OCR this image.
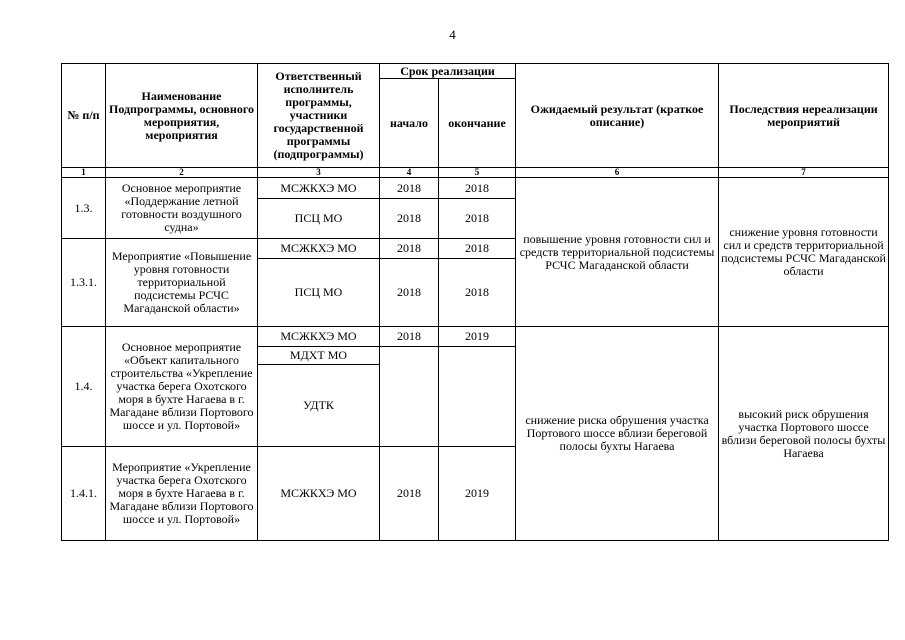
4
№ п/п	Наименование Подпрограммы, основного мероприятия, мероприятия	Ответственный исполнитель программы, участники государственной программы (подпрограммы)	Срок реализации		Ожидаемый результат (краткое описание)	Последствия нереализации мероприятий
			начало	окончание		
1	2	3	4	5	6	7
1.3.	Основное мероприятие «Поддержание летной готовности воздушного судна»	МСЖКХЭ МО	2018	2018	повышение уровня готовности сил и средств территориальной подсистемы РСЧС Магаданской области	снижение уровня готовности сил и средств территориальной подсистемы РСЧС Магаданской области
		ПСЦ МО	2018	2018		
1.3.1.	Мероприятие «Повышение уровня готовности территориальной подсистемы РСЧС Магаданской области»	МСЖКХЭ МО	2018	2018		
		ПСЦ МО	2018	2018		
1.4.	Основное мероприятие «Объект капитального строительства «Укрепление участка берега Охотского моря в бухте Нагаева в г. Магадане вблизи Портового шоссе и ул. Портовой»	МСЖКХЭ МО	2018	2019	снижение риска обрушения участка Портового шоссе вблизи береговой полосы бухты Нагаева	высокий риск обрушения участка Портового шоссе вблизи береговой полосы бухты Нагаева
		МДХТ МО				
		УДТК				
1.4.1.	Мероприятие «Укрепление участка берега Охотского моря в бухте Нагаева в г. Магадане вблизи Портового шоссе и ул. Портовой»	МСЖКХЭ МО	2018	2019		
